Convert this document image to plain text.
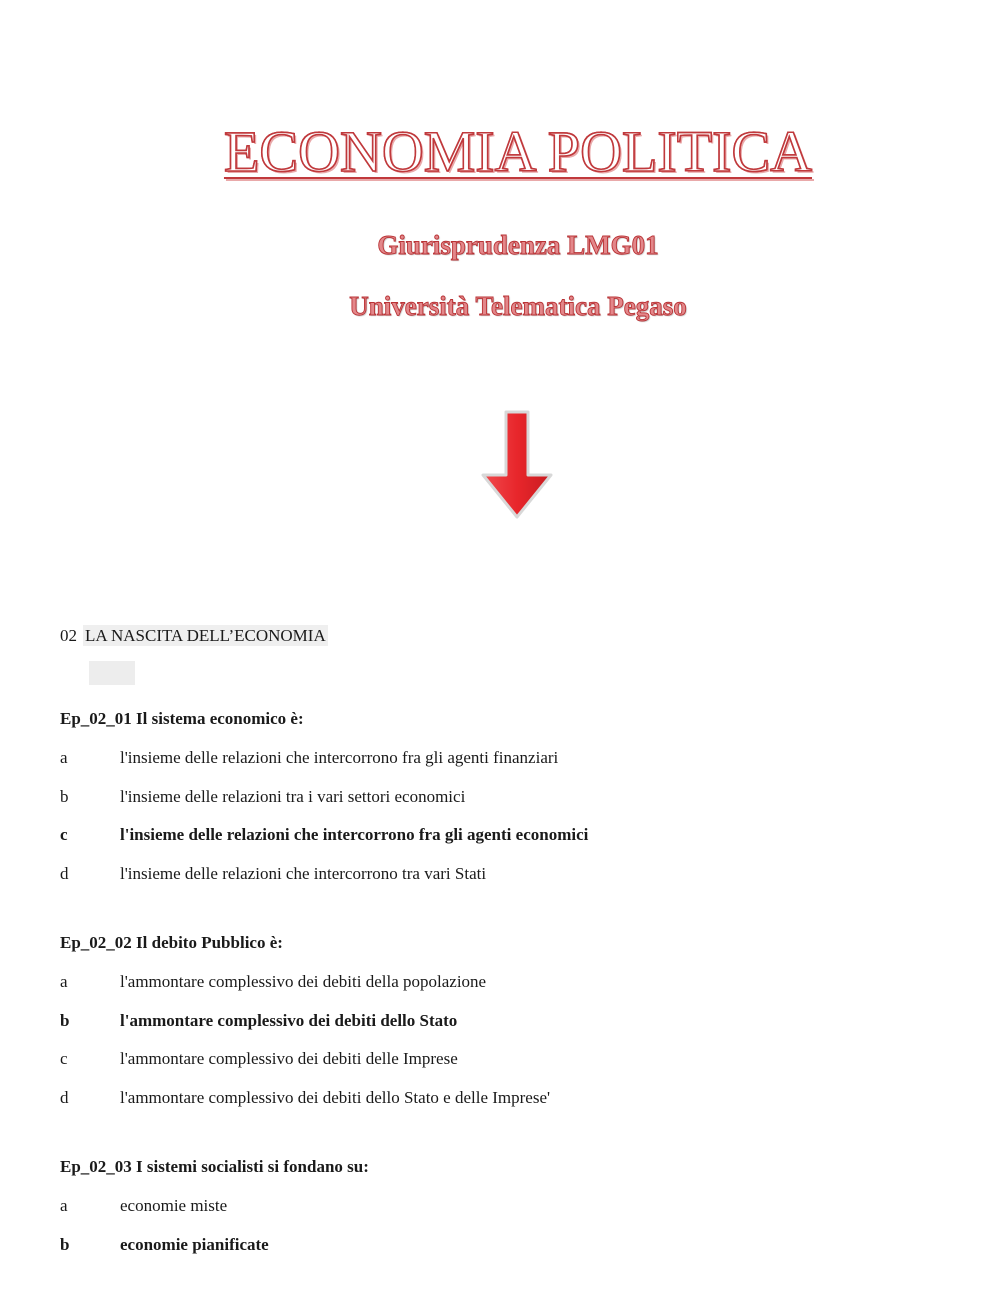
ECONOMIA POLITICA
Giurisprudenza LMG01
Università Telematica Pegaso
02 LA NASCITA DELL’ECONOMIA
Ep_02_01 Il sistema economico è:
a	l'insieme delle relazioni che intercorrono fra gli agenti finanziari
b	l'insieme delle relazioni tra i vari settori economici
c	l'insieme delle relazioni che intercorrono fra gli agenti economici
d	l'insieme delle relazioni che intercorrono tra vari Stati
Ep_02_02 Il debito Pubblico è:
a	l'ammontare complessivo dei debiti della popolazione
b	l'ammontare complessivo dei debiti dello Stato
c	l'ammontare complessivo dei debiti delle Imprese
d	l'ammontare complessivo dei debiti dello Stato e delle Imprese'
Ep_02_03 I sistemi socialisti si fondano su:
a	economie miste
b	economie pianificate
